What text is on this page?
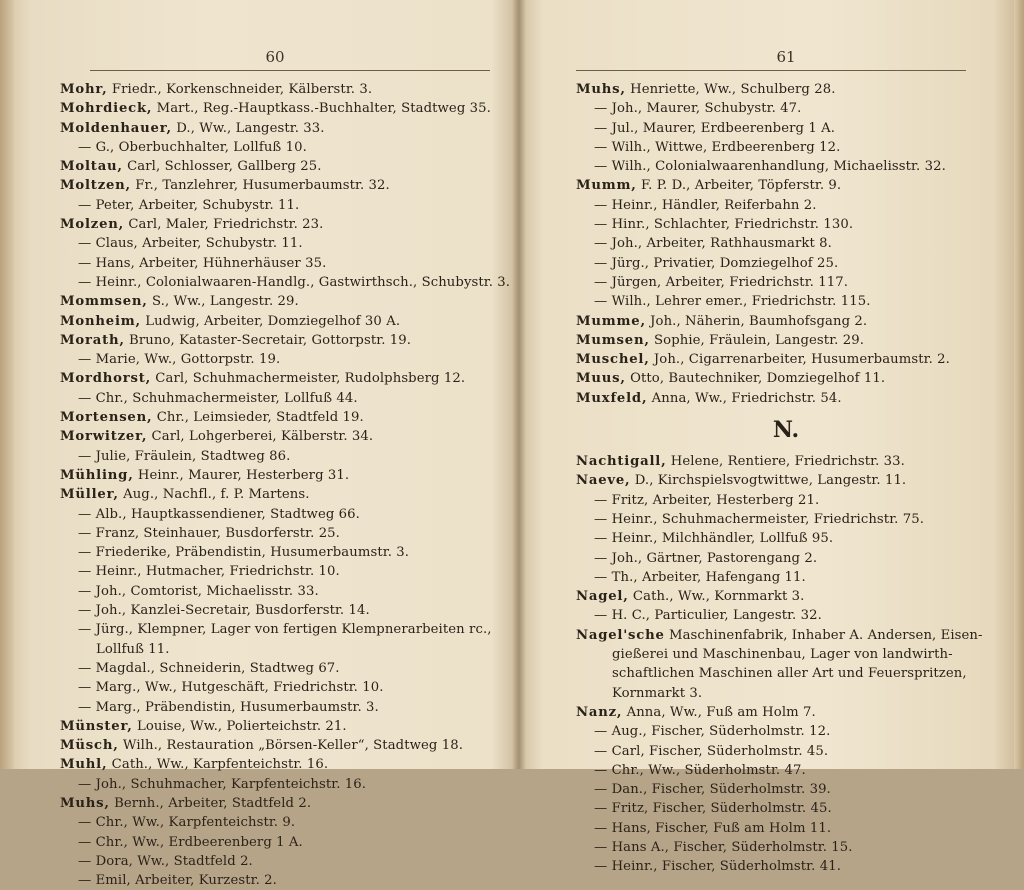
60
Mohr, Friedr., Korkenschneider, Kälberstr. 3.
Mohrdieck, Mart., Reg.-Hauptkass.-Buchhalter, Stadtweg 35.
Moldenhauer, D., Ww., Langestr. 33.
— G., Oberbuchhalter, Lollfuß 10.
Moltau, Carl, Schlosser, Gallberg 25.
Moltzen, Fr., Tanzlehrer, Husumerbaumstr. 32.
— Peter, Arbeiter, Schubystr. 11.
Molzen, Carl, Maler, Friedrichstr. 23.
— Claus, Arbeiter, Schubystr. 11.
— Hans, Arbeiter, Hühnerhäuser 35.
— Heinr., Colonialwaaren-Handlg., Gastwirthsch., Schubystr. 3.
Mommsen, S., Ww., Langestr. 29.
Monheim, Ludwig, Arbeiter, Domziegelhof 30 A.
Morath, Bruno, Kataster-Secretair, Gottorpstr. 19.
— Marie, Ww., Gottorpstr. 19.
Mordhorst, Carl, Schuhmachermeister, Rudolphsberg 12.
— Chr., Schuhmachermeister, Lollfuß 44.
Mortensen, Chr., Leimsieder, Stadtfeld 19.
Morwitzer, Carl, Lohgerberei, Kälberstr. 34.
— Julie, Fräulein, Stadtweg 86.
Mühling, Heinr., Maurer, Hesterberg 31.
Müller, Aug., Nachfl., f. P. Martens.
— Alb., Hauptkassendiener, Stadtweg 66.
— Franz, Steinhauer, Busdorferstr. 25.
— Friederike, Präbendistin, Husumerbaumstr. 3.
— Heinr., Hutmacher, Friedrichstr. 10.
— Joh., Comtorist, Michaelisstr. 33.
— Joh., Kanzlei-Secretair, Busdorferstr. 14.
— Jürg., Klempner, Lager von fertigen Klempnerarbeiten rc.,
Lollfuß 11.
— Magdal., Schneiderin, Stadtweg 67.
— Marg., Ww., Hutgeschäft, Friedrichstr. 10.
— Marg., Präbendistin, Husumerbaumstr. 3.
Münster, Louise, Ww., Polierteichstr. 21.
Müsch, Wilh., Restauration „Börsen-Keller“, Stadtweg 18.
Muhl, Cath., Ww., Karpfenteichstr. 16.
— Joh., Schuhmacher, Karpfenteichstr. 16.
Muhs, Bernh., Arbeiter, Stadtfeld 2.
— Chr., Ww., Karpfenteichstr. 9.
— Chr., Ww., Erdbeerenberg 1 A.
— Dora, Ww., Stadtfeld 2.
— Emil, Arbeiter, Kurzestr. 2.
61
Muhs, Henriette, Ww., Schulberg 28.
— Joh., Maurer, Schubystr. 47.
— Jul., Maurer, Erdbeerenberg 1 A.
— Wilh., Wittwe, Erdbeerenberg 12.
— Wilh., Colonialwaarenhandlung, Michaelisstr. 32.
Mumm, F. P. D., Arbeiter, Töpferstr. 9.
— Heinr., Händler, Reiferbahn 2.
— Hinr., Schlachter, Friedrichstr. 130.
— Joh., Arbeiter, Rathhausmarkt 8.
— Jürg., Privatier, Domziegelhof 25.
— Jürgen, Arbeiter, Friedrichstr. 117.
— Wilh., Lehrer emer., Friedrichstr. 115.
Mumme, Joh., Näherin, Baumhofsgang 2.
Mumsen, Sophie, Fräulein, Langestr. 29.
Muschel, Joh., Cigarrenarbeiter, Husumerbaumstr. 2.
Muus, Otto, Bautechniker, Domziegelhof 11.
Muxfeld, Anna, Ww., Friedrichstr. 54.
N.
Nachtigall, Helene, Rentiere, Friedrichstr. 33.
Naeve, D., Kirchspielsvogtwittwe, Langestr. 11.
— Fritz, Arbeiter, Hesterberg 21.
— Heinr., Schuhmachermeister, Friedrichstr. 75.
— Heinr., Milchhändler, Lollfuß 95.
— Joh., Gärtner, Pastorengang 2.
— Th., Arbeiter, Hafengang 11.
Nagel, Cath., Ww., Kornmarkt 3.
— H. C., Particulier, Langestr. 32.
Nagel'sche Maschinenfabrik, Inhaber A. Andersen, Eisen-
gießerei und Maschinenbau, Lager von landwirth-
schaftlichen Maschinen aller Art und Feuerspritzen,
Kornmarkt 3.
Nanz, Anna, Ww., Fuß am Holm 7.
— Aug., Fischer, Süderholmstr. 12.
— Carl, Fischer, Süderholmstr. 45.
— Chr., Ww., Süderholmstr. 47.
— Dan., Fischer, Süderholmstr. 39.
— Fritz, Fischer, Süderholmstr. 45.
— Hans, Fischer, Fuß am Holm 11.
— Hans A., Fischer, Süderholmstr. 15.
— Heinr., Fischer, Süderholmstr. 41.
